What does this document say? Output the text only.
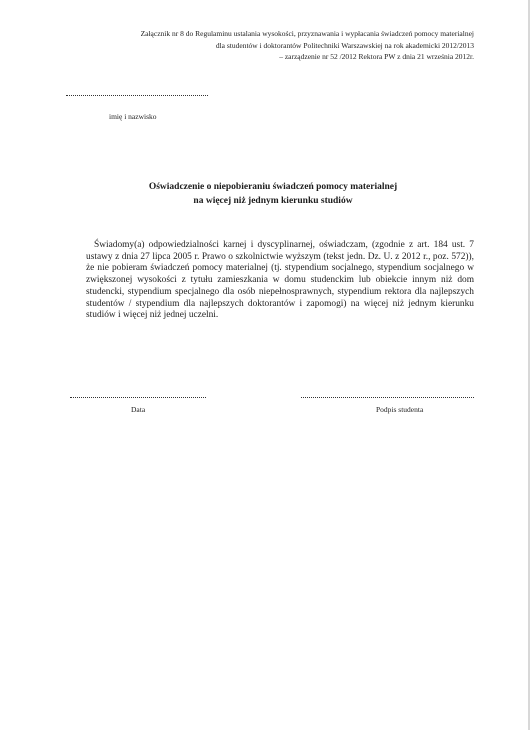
Załącznik nr 8 do Regulaminu ustalania wysokości, przyznawania i wypłacania świadczeń pomocy materialnej
dla studentów i doktorantów Politechniki Warszawskiej na rok akademicki 2012/2013
– zarządzenie nr 52 /2012 Rektora PW z dnia 21 września 2012r.
imię i nazwisko
Oświadczenie o niepobieraniu świadczeń pomocy materialnej
na więcej niż jednym kierunku studiów

Świadomy(a) odpowiedzialności karnej i dyscyplinarnej, oświadczam, (zgodnie z art. 184 ust. 7 ustawy z dnia 27 lipca 2005 r. Prawo o szkolnictwie wyższym (tekst jedn. Dz. U. z 2012 r., poz. 572)), że nie pobieram świadczeń pomocy materialnej (tj. stypendium socjalnego, stypendium socjalnego w zwiększonej wysokości z tytułu zamieszkania w domu studenckim lub obiekcie innym niż dom studencki, stypendium specjalnego dla osób niepełnosprawnych, stypendium rektora dla najlepszych studentów / stypendium dla najlepszych doktorantów i zapomogi) na więcej niż jednym kierunku studiów i więcej niż jednej uczelni.

Data	Podpis studenta
